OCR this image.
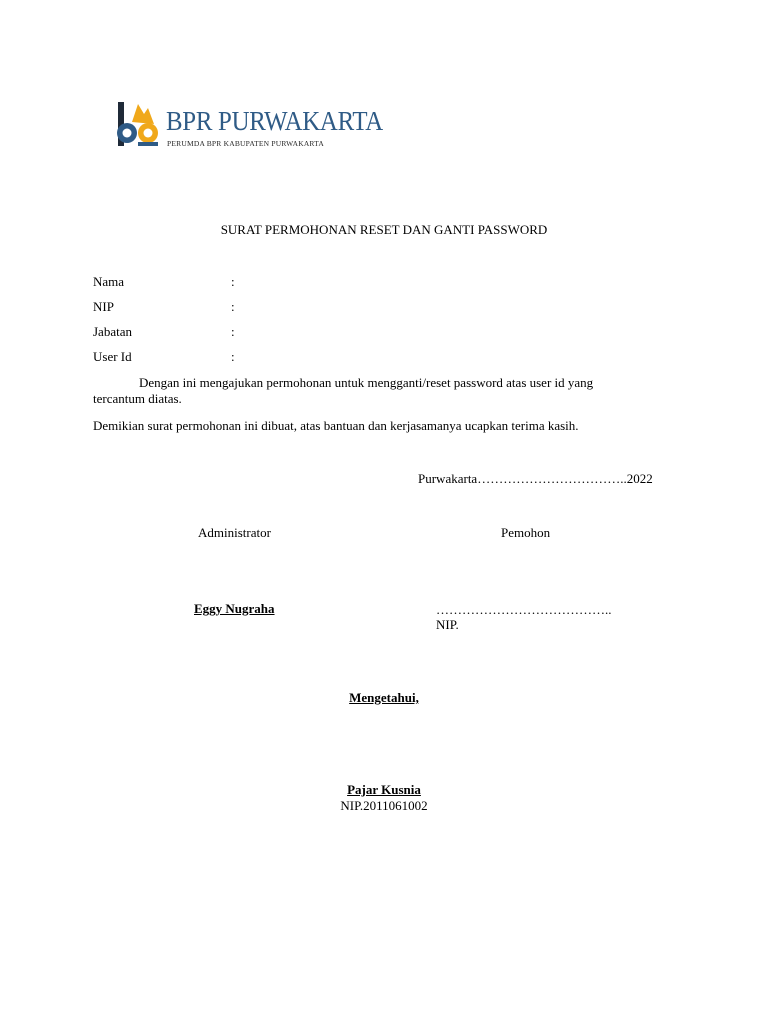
BPR PURWAKARTA
PERUMDA BPR KABUPATEN PURWAKARTA
SURAT PERMOHONAN RESET DAN GANTI PASSWORD
Nama	:
NIP	:
Jabatan	:
User Id	:
Dengan ini mengajukan permohonan untuk mengganti/reset password atas user id yang tercantum diatas.
Demikian surat permohonan ini dibuat, atas bantuan dan kerjasamanya ucapkan terima kasih.
Purwakarta……………………………..2022
Administrator	Pemohon
Eggy Nugraha	…………………………………..
NIP.
Mengetahui,
Pajar Kusnia
NIP.2011061002
